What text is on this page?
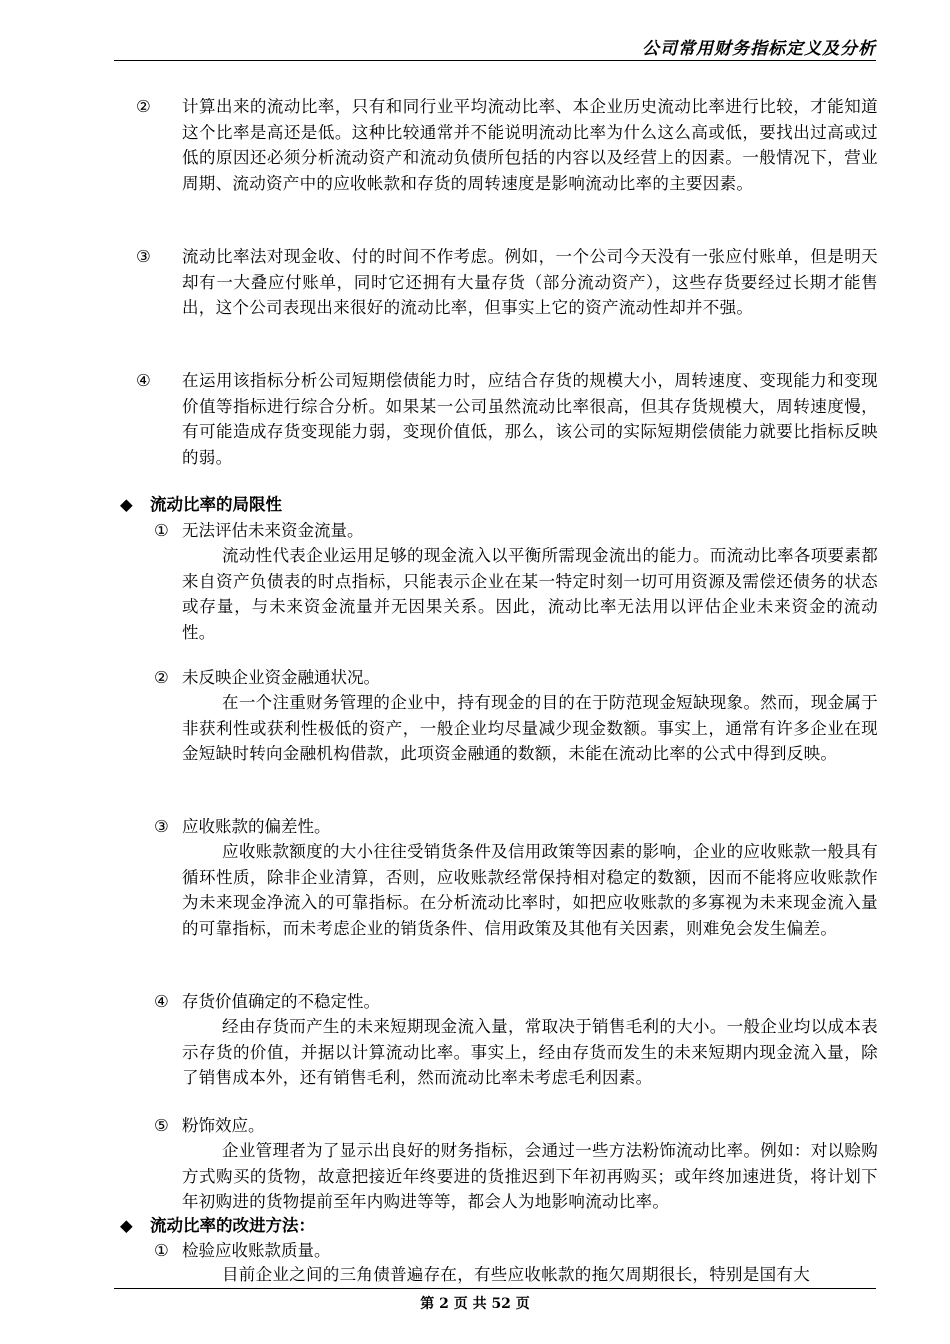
公司常用财务指标定义及分析
② 计算出来的流动比率，只有和同行业平均流动比率、本企业历史流动比率进行比较，才能知道这个比率是高还是低。这种比较通常并不能说明流动比率为什么这么高或低，要找出过高或过低的原因还必须分析流动资产和流动负债所包括的内容以及经营上的因素。一般情况下，营业周期、流动资产中的应收帐款和存货的周转速度是影响流动比率的主要因素。
③ 流动比率法对现金收、付的时间不作考虑。例如，一个公司今天没有一张应付账单，但是明天却有一大叠应付账单，同时它还拥有大量存货（部分流动资产），这些存货要经过长期才能售出，这个公司表现出来很好的流动比率，但事实上它的资产流动性却并不强。
④ 在运用该指标分析公司短期偿债能力时，应结合存货的规模大小，周转速度、变现能力和变现价值等指标进行综合分析。如果某一公司虽然流动比率很高，但其存货规模大，周转速度慢，有可能造成存货变现能力弱，变现价值低，那么，该公司的实际短期偿债能力就要比指标反映的弱。
◆ 流动比率的局限性
① 无法评估未来资金流量。
流动性代表企业运用足够的现金流入以平衡所需现金流出的能力。而流动比率各项要素都来自资产负债表的时点指标，只能表示企业在某一特定时刻一切可用资源及需偿还债务的状态或存量，与未来资金流量并无因果关系。因此，流动比率无法用以评估企业未来资金的流动性。
② 未反映企业资金融通状况。
在一个注重财务管理的企业中，持有现金的目的在于防范现金短缺现象。然而，现金属于非获利性或获利性极低的资产，一般企业均尽量减少现金数额。事实上，通常有许多企业在现金短缺时转向金融机构借款，此项资金融通的数额，未能在流动比率的公式中得到反映。
③ 应收账款的偏差性。
应收账款额度的大小往往受销货条件及信用政策等因素的影响，企业的应收账款一般具有循环性质，除非企业清算，否则，应收账款经常保持相对稳定的数额，因而不能将应收账款作为未来现金净流入的可靠指标。在分析流动比率时，如把应收账款的多寡视为未来现金流入量的可靠指标，而未考虑企业的销货条件、信用政策及其他有关因素，则难免会发生偏差。
④ 存货价值确定的不稳定性。
经由存货而产生的未来短期现金流入量，常取决于销售毛利的大小。一般企业均以成本表示存货的价值，并据以计算流动比率。事实上，经由存货而发生的未来短期内现金流入量，除了销售成本外，还有销售毛利，然而流动比率未考虑毛利因素。
⑤ 粉饰效应。
企业管理者为了显示出良好的财务指标，会通过一些方法粉饰流动比率。例如：对以赊购方式购买的货物，故意把接近年终要进的货推迟到下年初再购买；或年终加速进货，将计划下年初购进的货物提前至年内购进等等，都会人为地影响流动比率。
◆ 流动比率的改进方法：
① 检验应收账款质量。
目前企业之间的三角债普遍存在，有些应收帐款的拖欠周期很长，特别是国有大
第 2 页 共 52 页
